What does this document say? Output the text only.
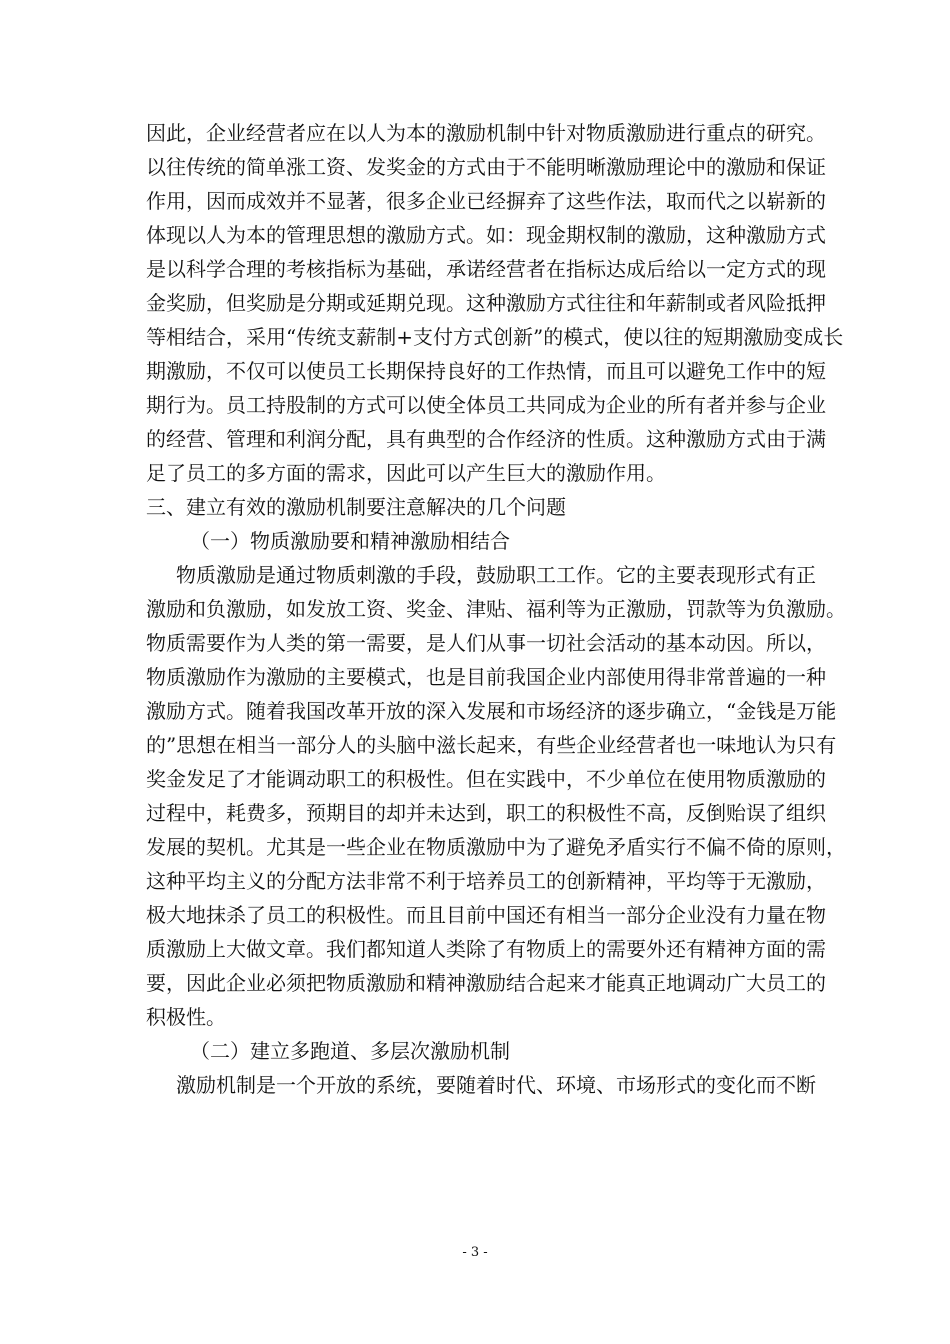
因此，企业经营者应在以人为本的激励机制中针对物质激励进行重点的研究。
以往传统的简单涨工资、发奖金的方式由于不能明晰激励理论中的激励和保证
作用，因而成效并不显著，很多企业已经摒弃了这些作法，取而代之以崭新的
体现以人为本的管理思想的激励方式。如：现金期权制的激励，这种激励方式
是以科学合理的考核指标为基础，承诺经营者在指标达成后给以一定方式的现
金奖励，但奖励是分期或延期兑现。这种激励方式往往和年薪制或者风险抵押
等相结合，采用“传统支薪制+支付方式创新”的模式，使以往的短期激励变成长
期激励，不仅可以使员工长期保持良好的工作热情，而且可以避免工作中的短
期行为。员工持股制的方式可以使全体员工共同成为企业的所有者并参与企业
的经营、管理和利润分配，具有典型的合作经济的性质。这种激励方式由于满
足了员工的多方面的需求，因此可以产生巨大的激励作用。
三、建立有效的激励机制要注意解决的几个问题
（一）物质激励要和精神激励相结合
物质激励是通过物质刺激的手段，鼓励职工工作。它的主要表现形式有正
激励和负激励，如发放工资、奖金、津贴、福利等为正激励，罚款等为负激励。
物质需要作为人类的第一需要，是人们从事一切社会活动的基本动因。所以，
物质激励作为激励的主要模式，也是目前我国企业内部使用得非常普遍的一种
激励方式。随着我国改革开放的深入发展和市场经济的逐步确立，“金钱是万能
的”思想在相当一部分人的头脑中滋长起来，有些企业经营者也一味地认为只有
奖金发足了才能调动职工的积极性。但在实践中，不少单位在使用物质激励的
过程中，耗费多，预期目的却并未达到，职工的积极性不高，反倒贻误了组织
发展的契机。尤其是一些企业在物质激励中为了避免矛盾实行不偏不倚的原则，
这种平均主义的分配方法非常不利于培养员工的创新精神，平均等于无激励，
极大地抹杀了员工的积极性。而且目前中国还有相当一部分企业没有力量在物
质激励上大做文章。我们都知道人类除了有物质上的需要外还有精神方面的需
要，因此企业必须把物质激励和精神激励结合起来才能真正地调动广大员工的
积极性。
（二）建立多跑道、多层次激励机制
激励机制是一个开放的系统，要随着时代、环境、市场形式的变化而不断
- 3 -
